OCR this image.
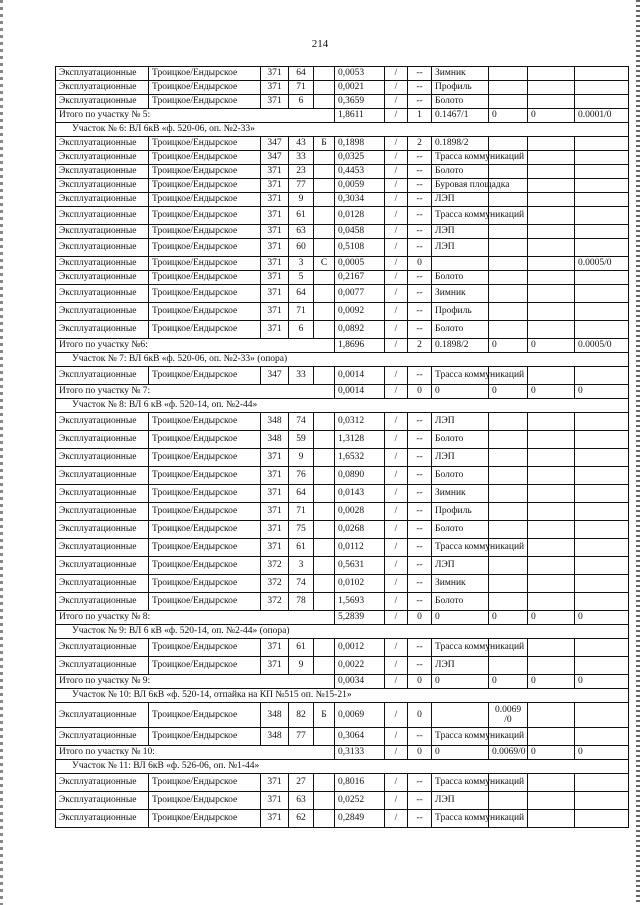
214
Эксплуатационные	Троицкое/Ендырское	371	64		0,0053	/	--	Зимник			
Эксплуатационные	Троицкое/Ендырское	371	71		0,0021	/	--	Профиль			
Эксплуатационные	Троицкое/Ендырское	371	6		0,3659	/	--	Болото			
Итого по участку № 5:					1,8611	/	1	0.1467/1	0	0	0.0001/0
Участок № 6: ВЛ 6кВ «ф. 520-06, оп. №2-33»											
Эксплуатационные	Троицкое/Ендырское	347	43	Б	0,1898	/	2	0.1898/2			
Эксплуатационные	Троицкое/Ендырское	347	33		0,0325	/	--	Трасса коммуникаций			
Эксплуатационные	Троицкое/Ендырское	371	23		0,4453	/	--	Болото			
Эксплуатационные	Троицкое/Ендырское	371	77		0,0059	/	--	Буровая площадка			
Эксплуатационные	Троицкое/Ендырское	371	9		0,3034	/	--	ЛЭП			
Эксплуатационные	Троицкое/Ендырское	371	61		0,0128	/	--	Трасса коммуникаций			
Эксплуатационные	Троицкое/Ендырское	371	63		0,0458	/	--	ЛЭП			
Эксплуатационные	Троицкое/Ендырское	371	60		0,5108	/	--	ЛЭП			
Эксплуатационные	Троицкое/Ендырское	371	3	С	0,0005	/	0				0.0005/0
Эксплуатационные	Троицкое/Ендырское	371	5		0,2167	/	--	Болото			
Эксплуатационные	Троицкое/Ендырское	371	64		0,0077	/	--	Зимник			
Эксплуатационные	Троицкое/Ендырское	371	71		0,0092	/	--	Профиль			
Эксплуатационные	Троицкое/Ендырское	371	6		0,0892	/	--	Болото			
Итого по участку №6:					1,8696	/	2	0.1898/2	0	0	0.0005/0
Участок № 7: ВЛ 6кВ «ф. 520-06, оп. №2-33» (опора)											
Эксплуатационные	Троицкое/Ендырское	347	33		0,0014	/	--	Трасса коммуникаций			
Итого по участку № 7:					0,0014	/	0	0	0	0	0
Участок № 8: ВЛ 6 кВ «ф. 520-14, оп. №2-44»											
Эксплуатационные	Троицкое/Ендырское	348	74		0,0312	/	--	ЛЭП			
Эксплуатационные	Троицкое/Ендырское	348	59		1,3128	/	--	Болото			
Эксплуатационные	Троицкое/Ендырское	371	9		1,6532	/	--	ЛЭП			
Эксплуатационные	Троицкое/Ендырское	371	76		0,0890	/	--	Болото			
Эксплуатационные	Троицкое/Ендырское	371	64		0,0143	/	--	Зимник			
Эксплуатационные	Троицкое/Ендырское	371	71		0,0028	/	--	Профиль			
Эксплуатационные	Троицкое/Ендырское	371	75		0,0268	/	--	Болото			
Эксплуатационные	Троицкое/Ендырское	371	61		0,0112	/	--	Трасса коммуникаций			
Эксплуатационные	Троицкое/Ендырское	372	3		0,5631	/	--	ЛЭП			
Эксплуатационные	Троицкое/Ендырское	372	74		0,0102	/	--	Зимник			
Эксплуатационные	Троицкое/Ендырское	372	78		1,5693	/	--	Болото			
Итого по участку № 8:					5,2839	/	0	0	0	0	0
Участок № 9: ВЛ 6 кВ «ф. 520-14, оп. №2-44» (опора)											
Эксплуатационные	Троицкое/Ендырское	371	61		0,0012	/	--	Трасса коммуникаций			
Эксплуатационные	Троицкое/Ендырское	371	9		0,0022	/	--	ЛЭП			
Итого по участку № 9:					0,0034	/	0	0	0	0	0
Участок № 10: ВЛ 6кВ «ф. 520-14, отпайка на КП №515 оп. №15-21»											
Эксплуатационные	Троицкое/Ендырское	348	82	Б	0,0069	/	0		0.0069 /0		
Эксплуатационные	Троицкое/Ендырское	348	77		0,3064	/	--	Трасса коммуникаций			
Итого по участку № 10:					0,3133	/	0	0	0.0069/0	0	0
Участок № 11: ВЛ 6кВ «ф. 526-06, оп. №1-44»											
Эксплуатационные	Троицкое/Ендырское	371	27		0,8016	/	--	Трасса коммуникаций			
Эксплуатационные	Троицкое/Ендырское	371	63		0,0252	/	--	ЛЭП			
Эксплуатационные	Троицкое/Ендырское	371	62		0,2849	/	--	Трасса коммуникаций			
